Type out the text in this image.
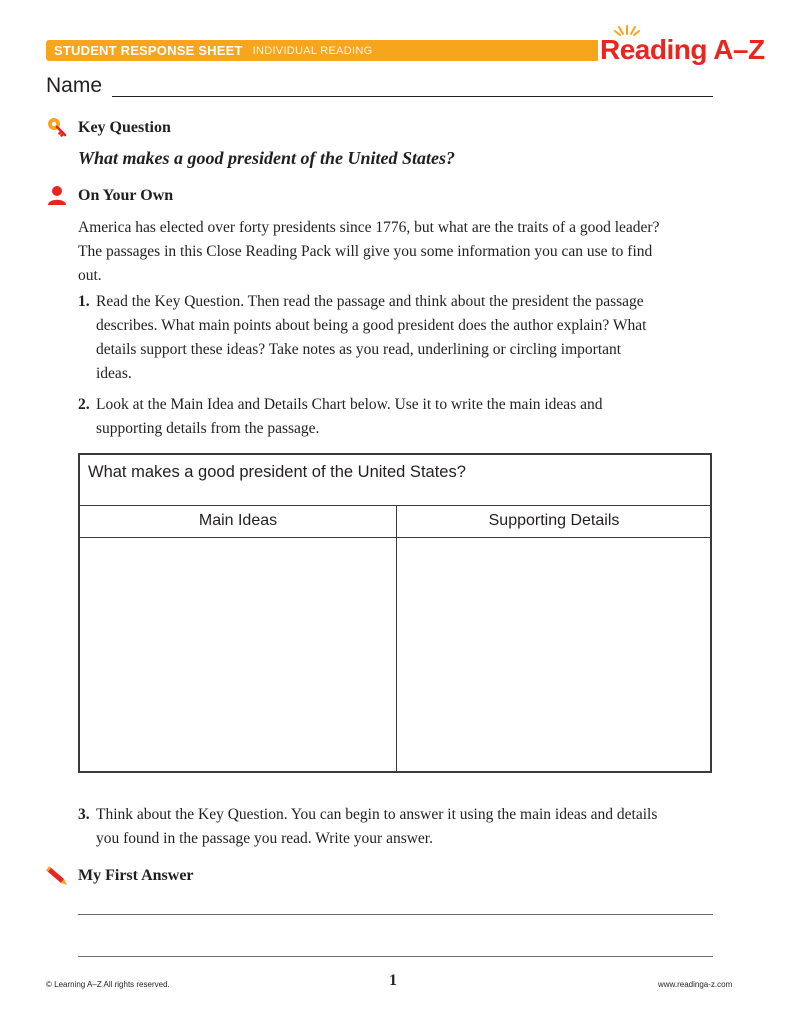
STUDENT RESPONSE SHEET INDIVIDUAL READING	Reading A–Z
Name
Key Question
What makes a good president of the United States?
On Your Own
America has elected over forty presidents since 1776, but what are the traits of a good leader? The passages in this Close Reading Pack will give you some information you can use to find out.
1. Read the Key Question. Then read the passage and think about the president the passage describes. What main points about being a good president does the author explain? What details support these ideas? Take notes as you read, underlining or circling important ideas.
2. Look at the Main Idea and Details Chart below. Use it to write the main ideas and supporting details from the passage.
What makes a good president of the United States?
Main Ideas	Supporting Details
3. Think about the Key Question. You can begin to answer it using the main ideas and details you found in the passage you read. Write your answer.
My First Answer
© Learning A–Z All rights reserved.	1	www.readinga-z.com
